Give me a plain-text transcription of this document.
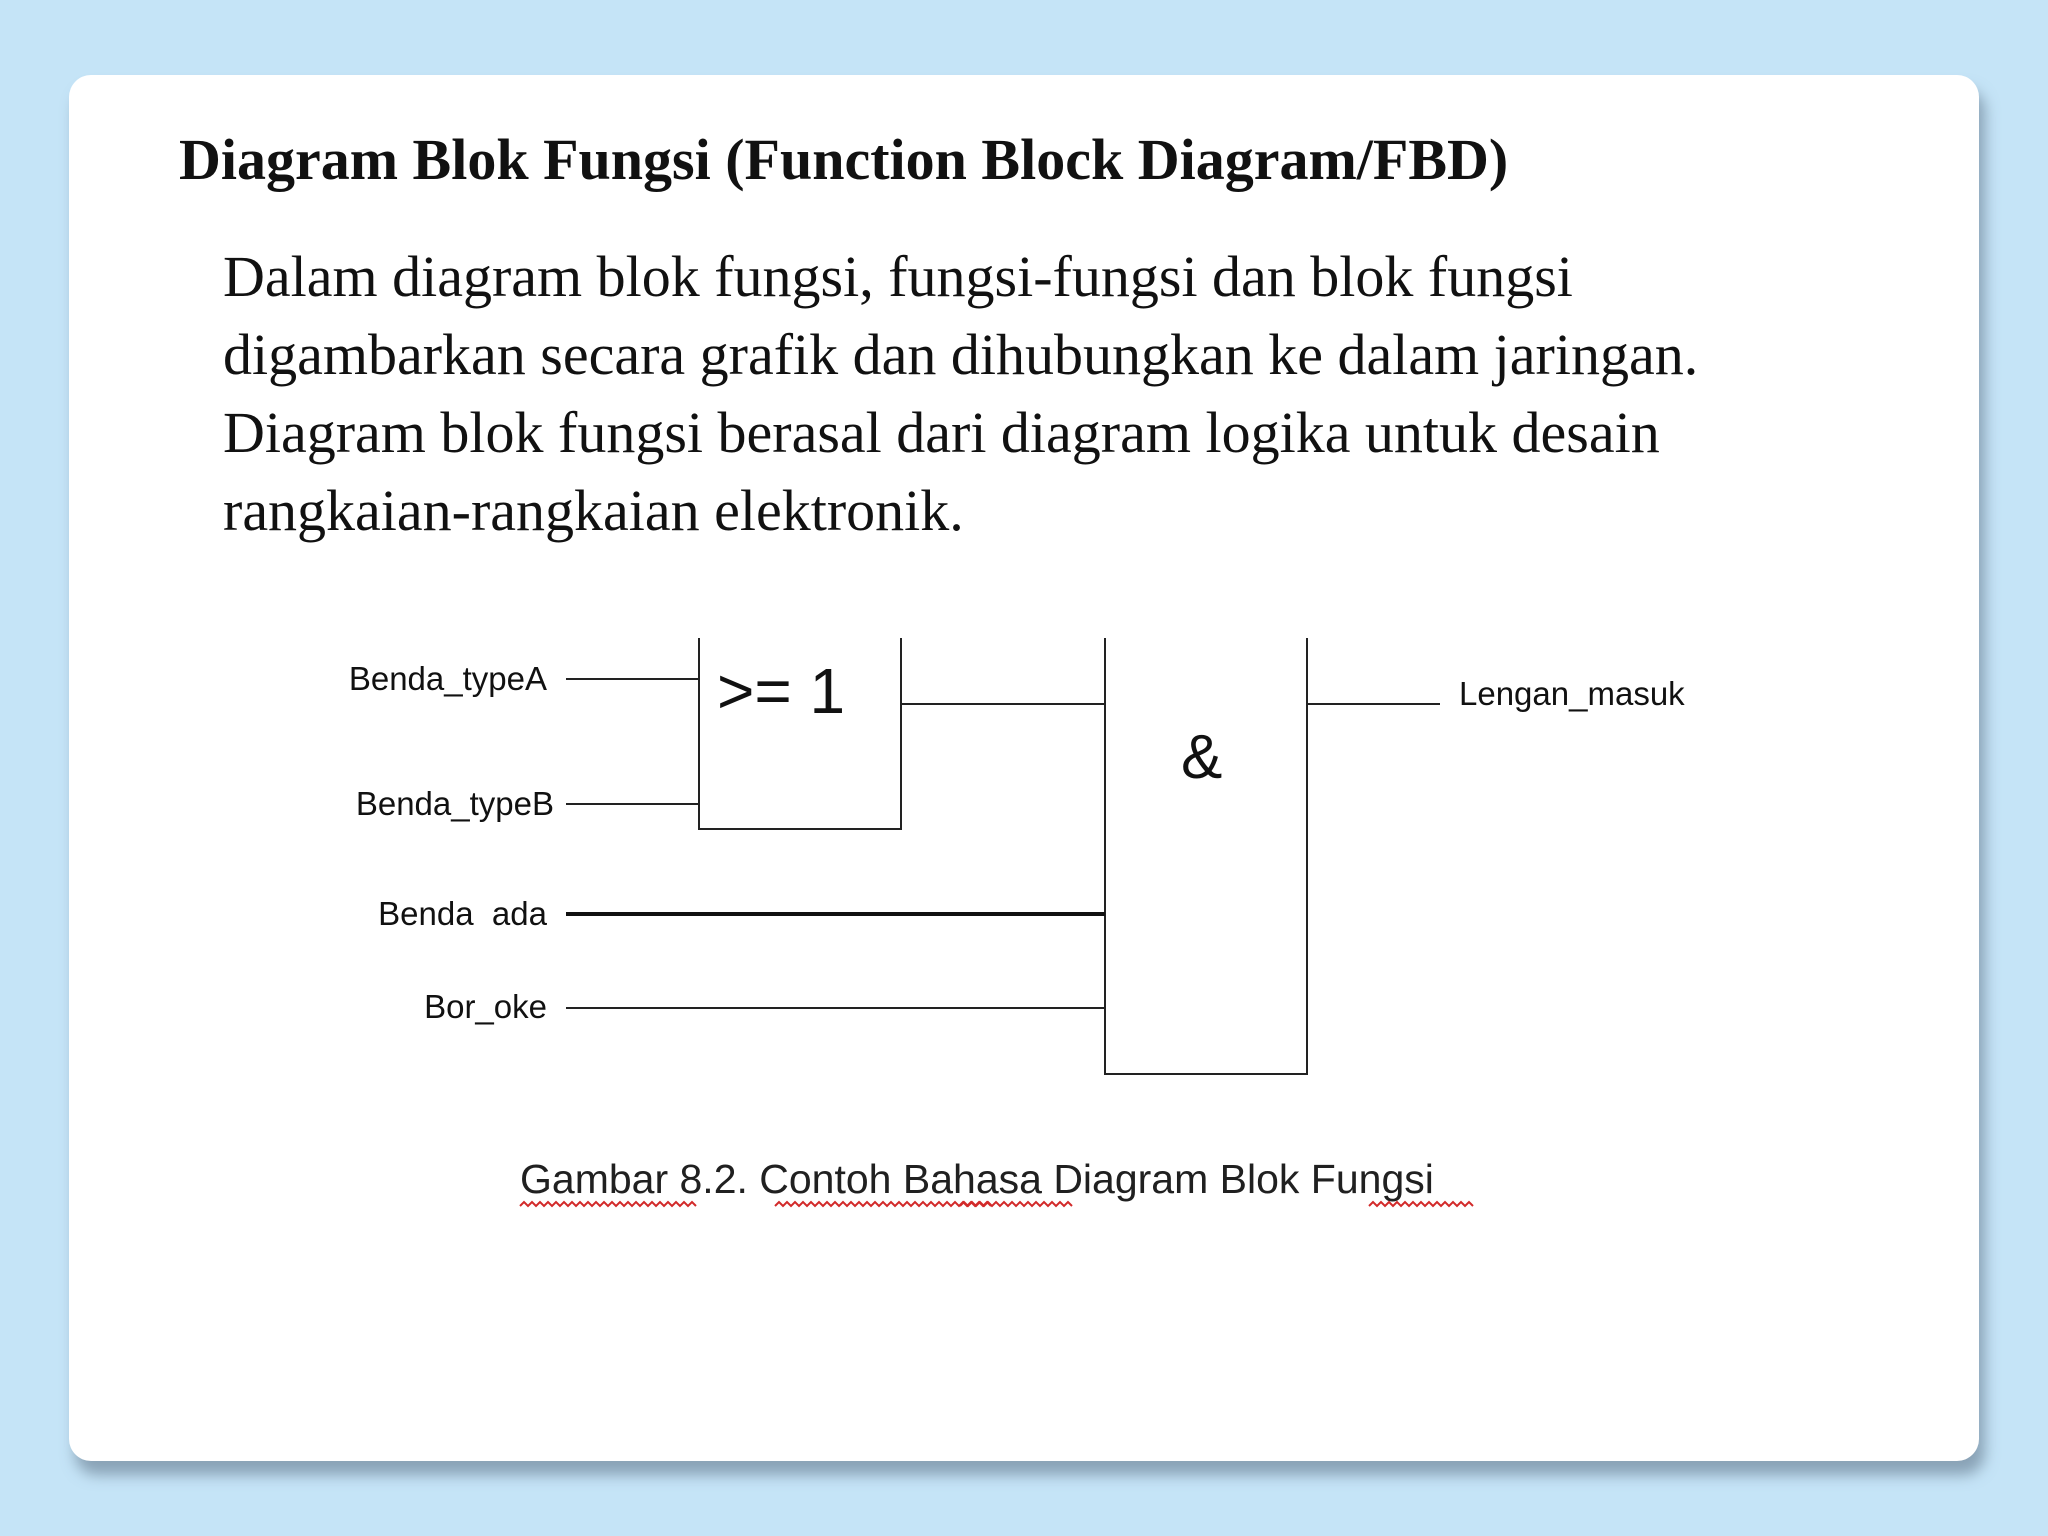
Diagram Blok Fungsi (Function Block Diagram/FBD)

Dalam diagram blok fungsi, fungsi-fungsi dan blok fungsi
digambarkan secara grafik dan dihubungkan ke dalam jaringan.
Diagram blok fungsi berasal dari diagram logika untuk desain
rangkaian-rangkaian elektronik.

>= 1
&
Benda_typeA
Benda_typeB
Benda  ada
Bor_oke
Lengan_masuk
Gambar 8.2. Contoh Bahasa Diagram Blok Fungsi
